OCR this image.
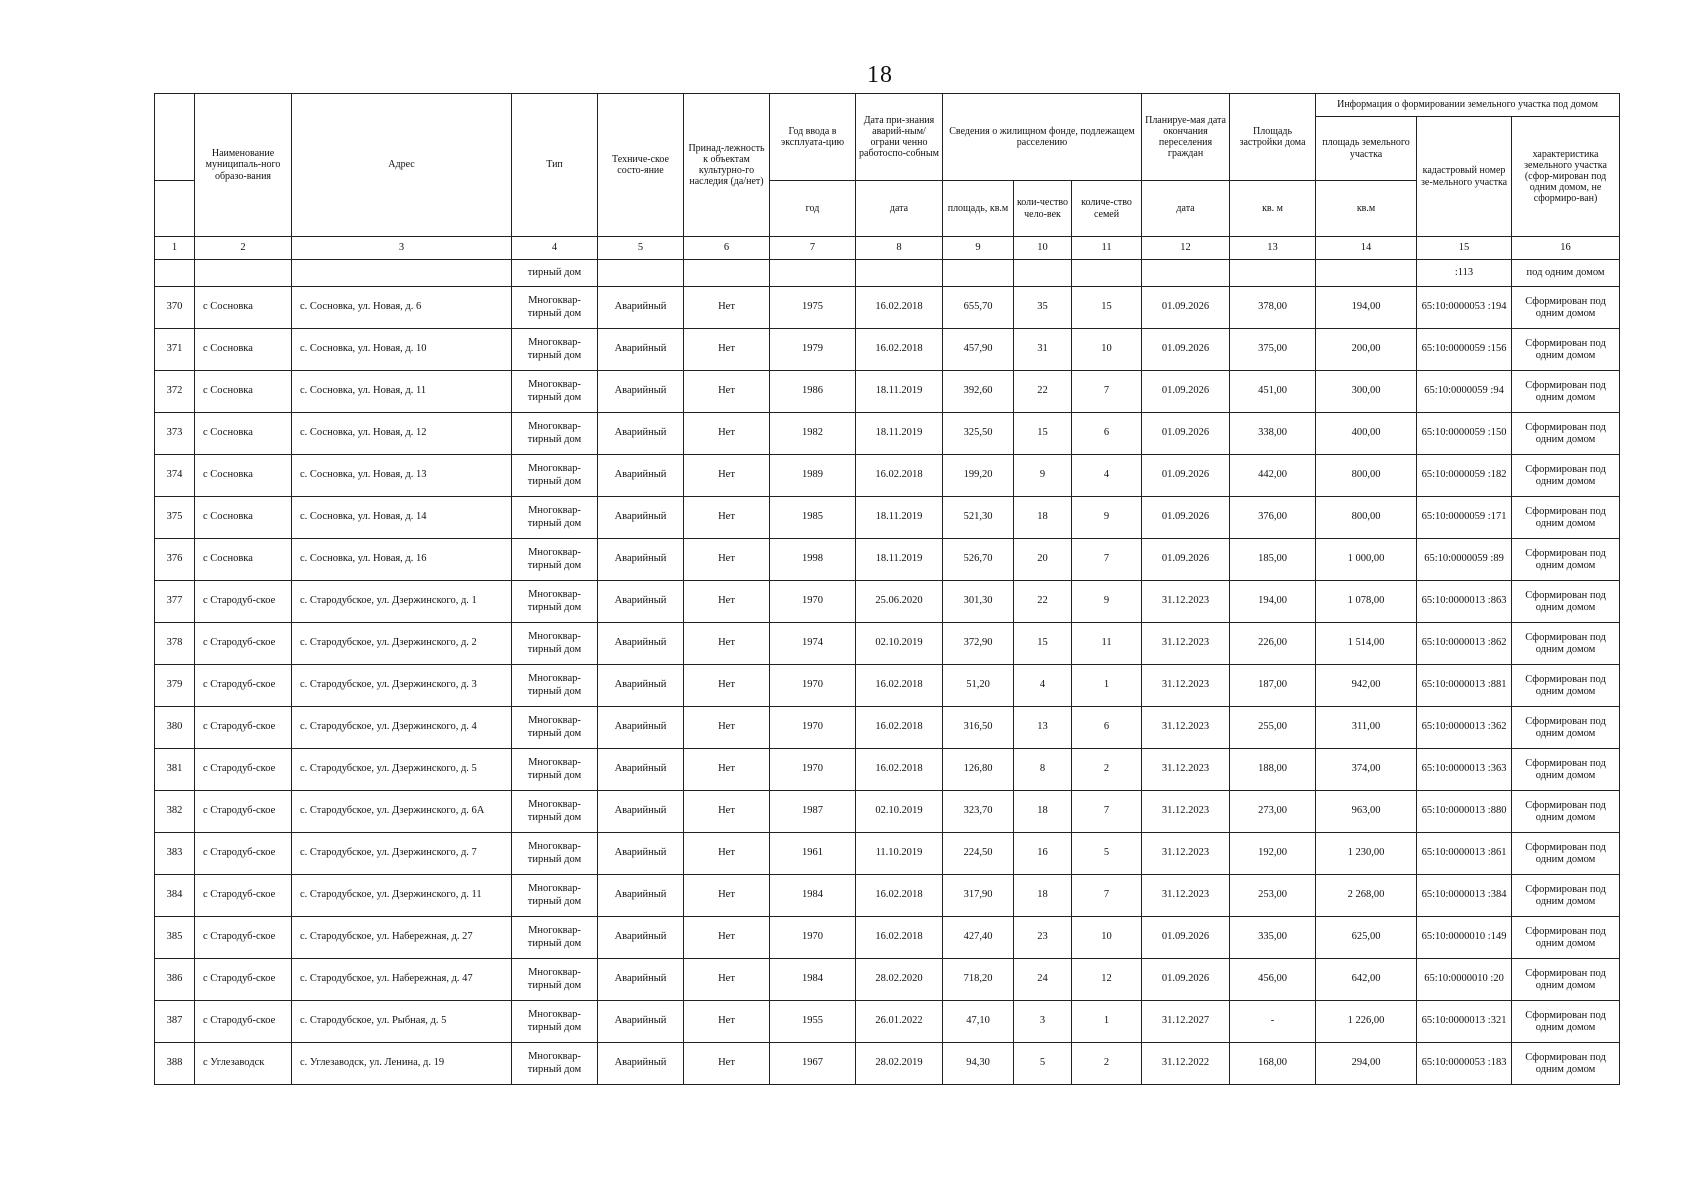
18
	Наименование муниципаль-ного образо-вания	Адрес	Тип	Техниче-ское состо-яние	Принад-лежность к объектам культурно-го наследия (да/нет)	Год ввода в эксплуата-цию	Дата при-знания аварий-ным/ограни ченно работоспо-собным	Сведения о жилищном фонде, подлежащем расселению			Планируе-мая дата окончания переселения граждан	Площадь застройки дома	Информация о формировании земельного участка под домом		
													площадь земельного участка	кадастровый номер зе-мельного участка	характеристика земельного участка (сфор-мирован под одним домом, не сформиро-ван)
						год	дата	площадь, кв.м	коли-чество чело-век	количе-ство семей	дата	кв. м	кв.м		
1	2	3	4	5	6	7	8	9	10	11	12	13	14	15	16
			тирный дом											:113	под одним домом
370	с Сосновка	с. Сосновка, ул. Новая, д. 6	Многоквар-тирный дом	Аварийный	Нет	1975	16.02.2018	655,70	35	15	01.09.2026	378,00	194,00	65:10:0000053 :194	Сформирован под одним домом
371	с Сосновка	с. Сосновка, ул. Новая, д. 10	Многоквар-тирный дом	Аварийный	Нет	1979	16.02.2018	457,90	31	10	01.09.2026	375,00	200,00	65:10:0000059 :156	Сформирован под одним домом
372	с Сосновка	с. Сосновка, ул. Новая, д. 11	Многоквар-тирный дом	Аварийный	Нет	1986	18.11.2019	392,60	22	7	01.09.2026	451,00	300,00	65:10:0000059 :94	Сформирован под одним домом
373	с Сосновка	с. Сосновка, ул. Новая, д. 12	Многоквар-тирный дом	Аварийный	Нет	1982	18.11.2019	325,50	15	6	01.09.2026	338,00	400,00	65:10:0000059 :150	Сформирован под одним домом
374	с Сосновка	с. Сосновка, ул. Новая, д. 13	Многоквар-тирный дом	Аварийный	Нет	1989	16.02.2018	199,20	9	4	01.09.2026	442,00	800,00	65:10:0000059 :182	Сформирован под одним домом
375	с Сосновка	с. Сосновка, ул. Новая, д. 14	Многоквар-тирный дом	Аварийный	Нет	1985	18.11.2019	521,30	18	9	01.09.2026	376,00	800,00	65:10:0000059 :171	Сформирован под одним домом
376	с Сосновка	с. Сосновка, ул. Новая, д. 16	Многоквар-тирный дом	Аварийный	Нет	1998	18.11.2019	526,70	20	7	01.09.2026	185,00	1 000,00	65:10:0000059 :89	Сформирован под одним домом
377	с Стародуб-ское	с. Стародубское, ул. Дзержинского, д. 1	Многоквар-тирный дом	Аварийный	Нет	1970	25.06.2020	301,30	22	9	31.12.2023	194,00	1 078,00	65:10:0000013 :863	Сформирован под одним домом
378	с Стародуб-ское	с. Стародубское, ул. Дзержинского, д. 2	Многоквар-тирный дом	Аварийный	Нет	1974	02.10.2019	372,90	15	11	31.12.2023	226,00	1 514,00	65:10:0000013 :862	Сформирован под одним домом
379	с Стародуб-ское	с. Стародубское, ул. Дзержинского, д. 3	Многоквар-тирный дом	Аварийный	Нет	1970	16.02.2018	51,20	4	1	31.12.2023	187,00	942,00	65:10:0000013 :881	Сформирован под одним домом
380	с Стародуб-ское	с. Стародубское, ул. Дзержинского, д. 4	Многоквар-тирный дом	Аварийный	Нет	1970	16.02.2018	316,50	13	6	31.12.2023	255,00	311,00	65:10:0000013 :362	Сформирован под одним домом
381	с Стародуб-ское	с. Стародубское, ул. Дзержинского, д. 5	Многоквар-тирный дом	Аварийный	Нет	1970	16.02.2018	126,80	8	2	31.12.2023	188,00	374,00	65:10:0000013 :363	Сформирован под одним домом
382	с Стародуб-ское	с. Стародубское, ул. Дзержинского, д. 6А	Многоквар-тирный дом	Аварийный	Нет	1987	02.10.2019	323,70	18	7	31.12.2023	273,00	963,00	65:10:0000013 :880	Сформирован под одним домом
383	с Стародуб-ское	с. Стародубское, ул. Дзержинского, д. 7	Многоквар-тирный дом	Аварийный	Нет	1961	11.10.2019	224,50	16	5	31.12.2023	192,00	1 230,00	65:10:0000013 :861	Сформирован под одним домом
384	с Стародуб-ское	с. Стародубское, ул. Дзержинского, д. 11	Многоквар-тирный дом	Аварийный	Нет	1984	16.02.2018	317,90	18	7	31.12.2023	253,00	2 268,00	65:10:0000013 :384	Сформирован под одним домом
385	с Стародуб-ское	с. Стародубское, ул. Набережная, д. 27	Многоквар-тирный дом	Аварийный	Нет	1970	16.02.2018	427,40	23	10	01.09.2026	335,00	625,00	65:10:0000010 :149	Сформирован под одним домом
386	с Стародуб-ское	с. Стародубское, ул. Набережная, д. 47	Многоквар-тирный дом	Аварийный	Нет	1984	28.02.2020	718,20	24	12	01.09.2026	456,00	642,00	65:10:0000010 :20	Сформирован под одним домом
387	с Стародуб-ское	с. Стародубское, ул. Рыбная, д. 5	Многоквар-тирный дом	Аварийный	Нет	1955	26.01.2022	47,10	3	1	31.12.2027	-	1 226,00	65:10:0000013 :321	Сформирован под одним домом
388	с Углезаводск	с. Углезаводск, ул. Ленина, д. 19	Многоквар-тирный дом	Аварийный	Нет	1967	28.02.2019	94,30	5	2	31.12.2022	168,00	294,00	65:10:0000053 :183	Сформирован под одним домом
